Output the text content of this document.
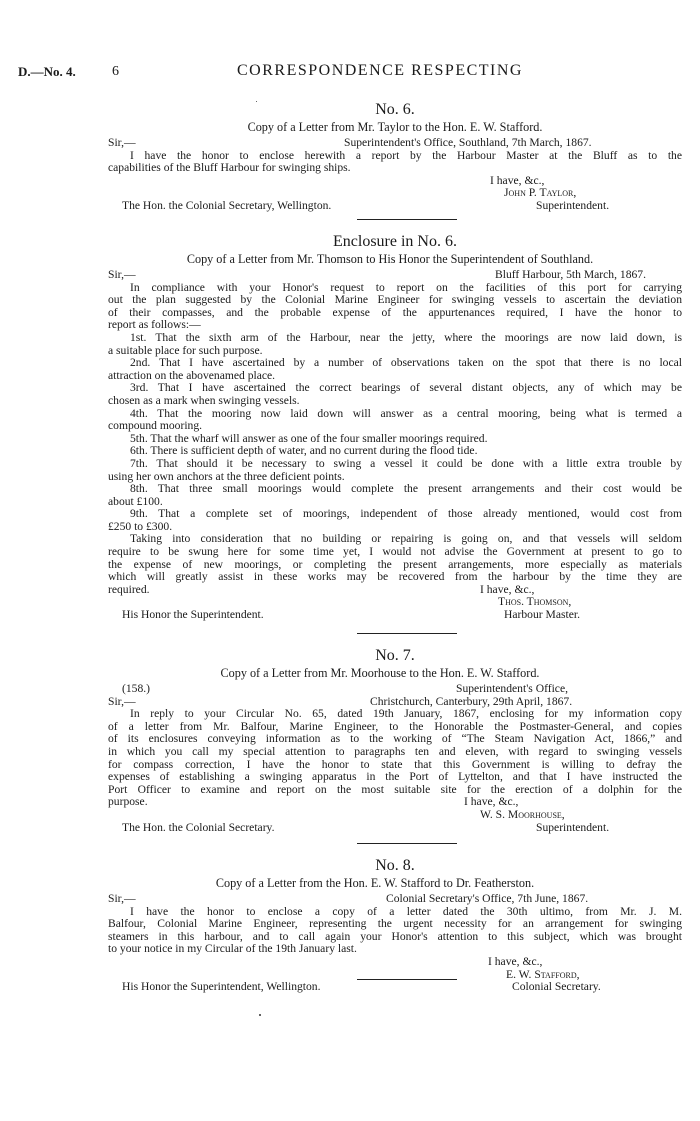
D.—No. 4.	6	CORRESPONDENCE RESPECTING
No. 6.
Copy of a Letter from Mr. Taylor to the Hon. E. W. Stafford.
Sir,—	Superintendent's Office, Southland, 7th March, 1867.
I have the honor to enclose herewith a report by the Harbour Master at the Bluff as to the
capabilities of the Bluff Harbour for swinging ships.
I have, &c.,
John P. Taylor,
The Hon. the Colonial Secretary, Wellington.	Superintendent.
Enclosure in No. 6.
Copy of a Letter from Mr. Thomson to His Honor the Superintendent of Southland.
Sir,—	Bluff Harbour, 5th March, 1867.
In compliance with your Honor's request to report on the facilities of this port for carrying
out the plan suggested by the Colonial Marine Engineer for swinging vessels to ascertain the deviation
of their compasses, and the probable expense of the appurtenances required, I have the honor to
report as follows:—
1st. That the sixth arm of the Harbour, near the jetty, where the moorings are now laid down, is
a suitable place for such purpose.
2nd. That I have ascertained by a number of observations taken on the spot that there is no local
attraction on the abovenamed place.
3rd. That I have ascertained the correct bearings of several distant objects, any of which may be
chosen as a mark when swinging vessels.
4th. That the mooring now laid down will answer as a central mooring, being what is termed a
compound mooring.
5th. That the wharf will answer as one of the four smaller moorings required.
6th. There is sufficient depth of water, and no current during the flood tide.
7th. That should it be necessary to swing a vessel it could be done with a little extra trouble by
using her own anchors at the three deficient points.
8th. That three small moorings would complete the present arrangements and their cost would be
about £100.
9th. That a complete set of moorings, independent of those already mentioned, would cost from
£250 to £300.
Taking into consideration that no building or repairing is going on, and that vessels will seldom
require to be swung here for some time yet, I would not advise the Government at present to go to
the expense of new moorings, or completing the present arrangements, more especially as materials
which will greatly assist in these works may be recovered from the harbour by the time they are
required.	I have, &c.,
Thos. Thomson,
His Honor the Superintendent.	Harbour Master.
No. 7.
Copy of a Letter from Mr. Moorhouse to the Hon. E. W. Stafford.
(158.)	Superintendent's Office,
Sir,—	Christchurch, Canterbury, 29th April, 1867.
In reply to your Circular No. 65, dated 19th January, 1867, enclosing for my information copy
of a letter from Mr. Balfour, Marine Engineer, to the Honorable the Postmaster-General, and copies
of its enclosures conveying information as to the working of “The Steam Navigation Act, 1866,” and
in which you call my special attention to paragraphs ten and eleven, with regard to swinging vessels
for compass correction, I have the honor to state that this Government is willing to defray the
expenses of establishing a swinging apparatus in the Port of Lyttelton, and that I have instructed the
Port Officer to examine and report on the most suitable site for the erection of a dolphin for the
purpose.	I have, &c.,
W. S. Moorhouse,
The Hon. the Colonial Secretary.	Superintendent.
No. 8.
Copy of a Letter from the Hon. E. W. Stafford to Dr. Featherston.
Sir,—	Colonial Secretary's Office, 7th June, 1867.
I have the honor to enclose a copy of a letter dated the 30th ultimo, from Mr. J. M.
Balfour, Colonial Marine Engineer, representing the urgent necessity for an arrangement for swinging
steamers in this harbour, and to call again your Honor's attention to this subject, which was brought
to your notice in my Circular of the 19th January last.
I have, &c.,
E. W. Stafford,
His Honor the Superintendent, Wellington.	Colonial Secretary.
